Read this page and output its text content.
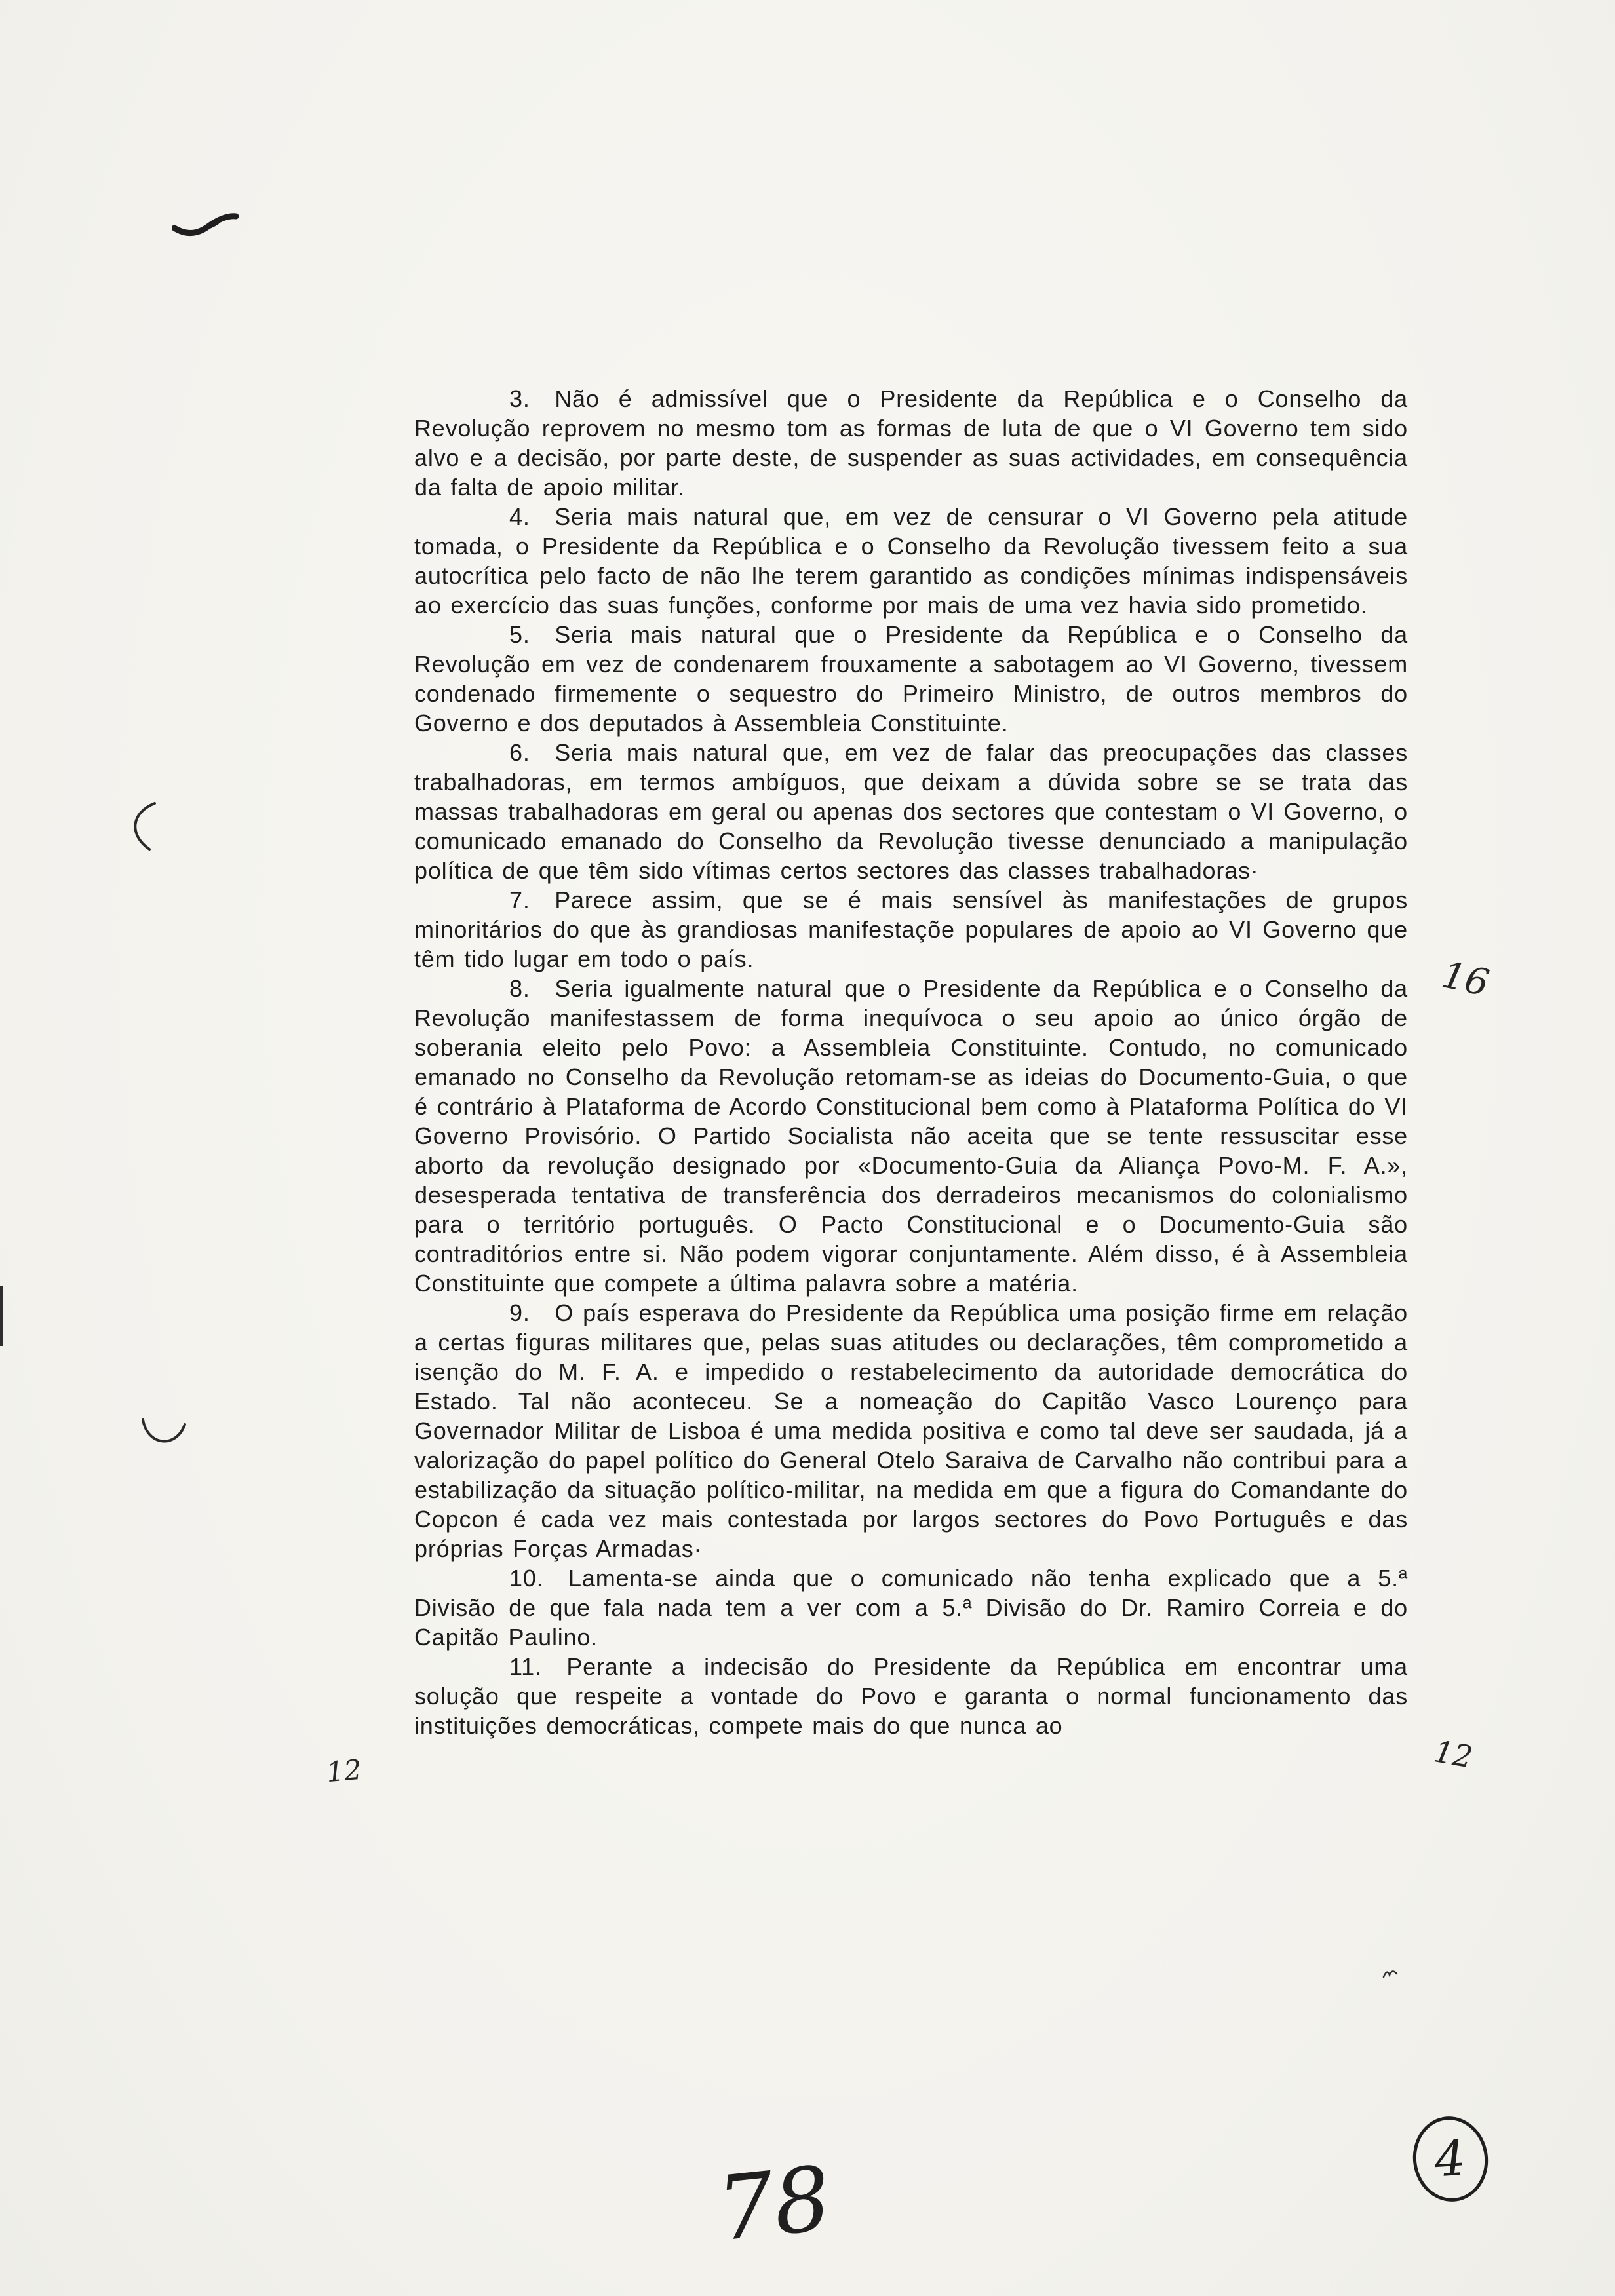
3.  Não é admissível que o Presidente da República e o Conselho da Revolução reprovem no mesmo tom as formas de luta de que o VI Governo tem sido alvo e a decisão, por parte deste, de suspender as suas actividades, em consequência da falta de apoio militar.

4.  Seria mais natural que, em vez de censurar o VI Governo pela atitude tomada, o Presidente da República e o Conselho da Revolução tivessem feito a sua autocrítica pelo facto de não lhe terem garantido as condições mínimas indispensáveis ao exercício das suas funções, conforme por mais de uma vez havia sido prometido.

5.  Seria mais natural que o Presidente da República e o Conselho da Revolução em vez de condenarem frouxamente a sabotagem ao VI Governo, tivessem condenado firmemente o sequestro do Primeiro Ministro, de outros membros do Governo e dos deputados à Assembleia Constituinte.

6.  Seria mais natural que, em vez de falar das preocupações das classes trabalhadoras, em termos ambíguos, que deixam a dúvida sobre se se trata das massas trabalhadoras em geral ou apenas dos sectores que contestam o VI Governo, o comunicado emanado do Conselho da Revolução tivesse denunciado a manipulação política de que têm sido vítimas certos sectores das classes trabalhadoras·

7.  Parece assim, que se é mais sensível às manifestações de grupos minoritários do que às grandiosas manifestaçõe populares de apoio ao VI Governo que têm tido lugar em todo o país.

8.  Seria igualmente natural que o Presidente da República e o Conselho da Revolução manifestassem de forma inequívoca o seu apoio ao único órgão de soberania eleito pelo Povo: a Assembleia Constituinte. Contudo, no comunicado emanado no Conselho da Revolução retomam-se as ideias do Documento-Guia, o que é contrário à Plataforma de Acordo Constitucional bem como à Plataforma Política do VI Governo Provisório. O Partido Socialista não aceita que se tente ressuscitar esse aborto da revolução designado por «Documento-Guia da Aliança Povo-M. F. A.», desesperada tentativa de transferência dos derradeiros mecanismos do colonialismo para o território português. O Pacto Constitucional e o Documento-Guia são contraditórios entre si. Não podem vigorar conjuntamente. Além disso, é à Assembleia Constituinte que compete a última palavra sobre a matéria.

9.  O país esperava do Presidente da República uma posição firme em relação a certas figuras militares que, pelas suas atitudes ou declarações, têm comprometido a isenção do M. F. A. e impedido o restabelecimento da autoridade democrática do Estado. Tal não aconteceu. Se a nomeação do Capitão Vasco Lourenço para Governador Militar de Lisboa é uma medida positiva e como tal deve ser saudada, já a valorização do papel político do General Otelo Saraiva de Carvalho não contribui para a estabilização da situação político-militar, na medida em que a figura do Comandante do Copcon é cada vez mais contestada por largos sectores do Povo Português e das próprias Forças Armadas·

10.  Lamenta-se ainda que o comunicado não tenha explicado que a 5.ª Divisão de que fala nada tem a ver com a 5.ª Divisão do Dr. Ramiro Correia e do Capitão Paulino.

11.  Perante a indecisão do Presidente da República em encontrar uma solução que respeite a vontade do Povo e garanta o normal funcionamento das instituições democráticas, compete mais do que nunca ao

16
12
12
78	4
